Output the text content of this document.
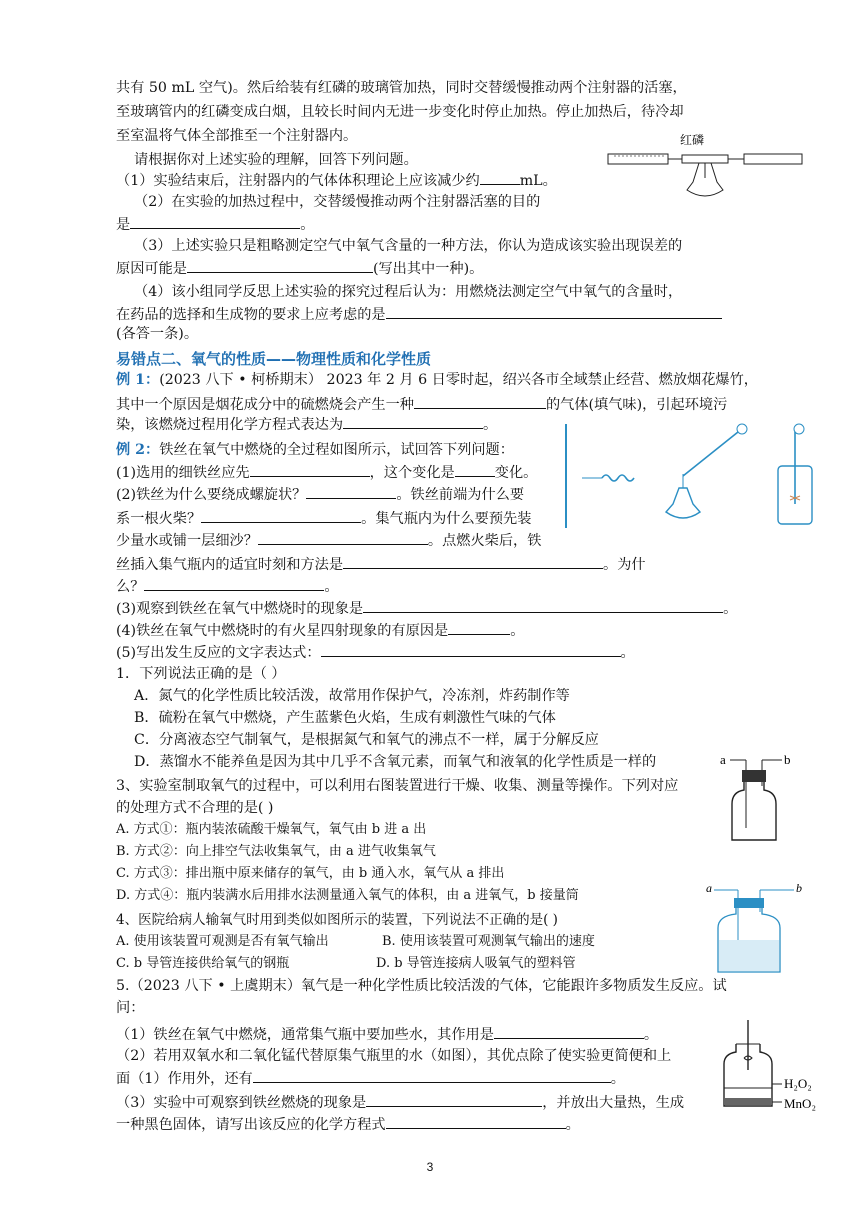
共有 50 mL 空气)。然后给装有红磷的玻璃管加热，同时交替缓慢推动两个注射器的活塞，
至玻璃管内的红磷变成白烟，且较长时间内无进一步变化时停止加热。停止加热后，待冷却
至室温将气体全部推至一个注射器内。
请根据你对上述实验的理解，回答下列问题。
（1）实验结束后，注射器内的气体体积理论上应该减少约	mL。
（2）在实验的加热过程中，交替缓慢推动两个注射器活塞的目的
是	。
（3）上述实验只是粗略测定空气中氧气含量的一种方法，你认为造成该实验出现误差的
原因可能是	(写出其中一种)。
（4）该小组同学反思上述实验的探究过程后认为：用燃烧法测定空气中氧气的含量时，
在药品的选择和生成物的要求上应考虑的是
(各答一条)。
红磷
易错点二、氧气的性质——物理性质和化学性质
例 1：(2023 八下 • 柯桥期末） 2023 年 2 月 6 日零时起，绍兴各市全域禁止经营、燃放烟花爆竹，
其中一个原因是烟花成分中的硫燃烧会产生一种	的气体(填气味)，引起环境污
染，该燃烧过程用化学方程式表达为	。
例 2：铁丝在氧气中燃烧的全过程如图所示，试回答下列问题：
(1)选用的细铁丝应先	，这个变化是	变化。
(2)铁丝为什么要绕成螺旋状？	。铁丝前端为什么要
系一根火柴？	。集气瓶内为什么要预先装
少量水或铺一层细沙？	。点燃火柴后，铁
丝插入集气瓶内的适宜时刻和方法是	。为什
么？	。
(3)观察到铁丝在氧气中燃烧时的现象是	。
(4)铁丝在氧气中燃烧时的有火星四射现象的有原因是	。
(5)写出发生反应的文字表达式：	。
1．下列说法正确的是（ ）
A．氮气的化学性质比较活泼，故常用作保护气，冷冻剂，炸药制作等
B．硫粉在氧气中燃烧，产生蓝紫色火焰，生成有刺激性气味的气体
C．分离液态空气制氧气，是根据氮气和氧气的沸点不一样，属于分解反应
D．蒸馏水不能养鱼是因为其中几乎不含氧元素，而氧气和液氧的化学性质是一样的	a	b
3、实验室制取氧气的过程中，可以利用右图装置进行干燥、收集、测量等操作。下列对应
的处理方式不合理的是( )
A. 方式①：瓶内装浓硫酸干燥氧气，氧气由 b 进 a 出
B. 方式②：向上排空气法收集氧气，由 a 进气收集氧气
C. 方式③：排出瓶中原来储存的氧气，由 b 通入水，氧气从 a 排出
D. 方式④：瓶内装满水后用排水法测量通入氧气的体积，由 a 进氧气，b 接量筒	a	b
4、医院给病人输氧气时用到类似如图所示的装置，下列说法不正确的是( )
A. 使用该装置可观测是否有氧气输出	B. 使用该装置可观测氧气输出的速度
C. b 导管连接供给氧气的钢瓶	D. b 导管连接病人吸氧气的塑料管
5.（2023 八下 • 上虞期末）氧气是一种化学性质比较活泼的气体，它能跟许多物质发生反应。试
问：
（1）铁丝在氧气中燃烧，通常集气瓶中要加些水，其作用是	。
（2）若用双氧水和二氧化锰代替原集气瓶里的水（如图），其优点除了使实验更简便和上
面（1）作用外，还有	。
（3）实验中可观察到铁丝燃烧的现象是	，并放出大量热，生成
一种黑色固体，请写出该反应的化学方程式	。
H₂O₂
MnO₂
3
